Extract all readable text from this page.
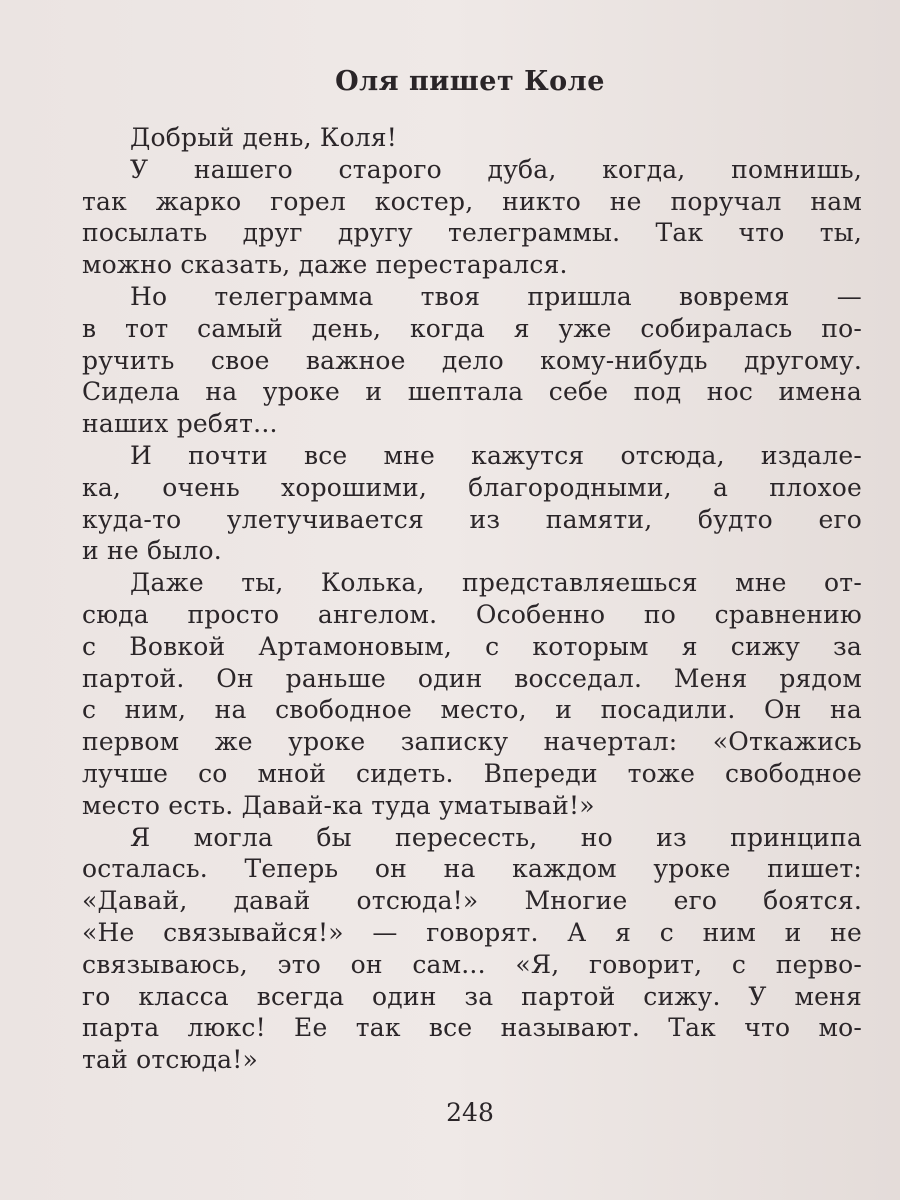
Оля пишет Коле
Добрый день, Коля!
У нашего старого дуба, когда, помнишь,
так жарко горел костер, никто не поручал нам
посылать друг другу телеграммы. Так что ты,
можно сказать, даже перестарался.
Но телеграмма твоя пришла вовремя —
в тот самый день, когда я уже собиралась по-
ручить свое важное дело кому-нибудь другому.
Сидела на уроке и шептала себе под нос имена
наших ребят...
И почти все мне кажутся отсюда, издале-
ка, очень хорошими, благородными, а плохое
куда-то улетучивается из памяти, будто его
и не было.
Даже ты, Колька, представляешься мне от-
сюда просто ангелом. Особенно по сравнению
с Вовкой Артамоновым, с которым я сижу за
партой. Он раньше один восседал. Меня рядом
с ним, на свободное место, и посадили. Он на
первом же уроке записку начертал: «Откажись
лучше со мной сидеть. Впереди тоже свободное
место есть. Давай-ка туда уматывай!»
Я могла бы пересесть, но из принципа
осталась. Теперь он на каждом уроке пишет:
«Давай, давай отсюда!» Многие его боятся.
«Не связывайся!» — говорят. А я с ним и не
связываюсь, это он сам... «Я, говорит, с перво-
го класса всегда один за партой сижу. У меня
парта люкс! Ее так все называют. Так что мо-
тай отсюда!»
248
